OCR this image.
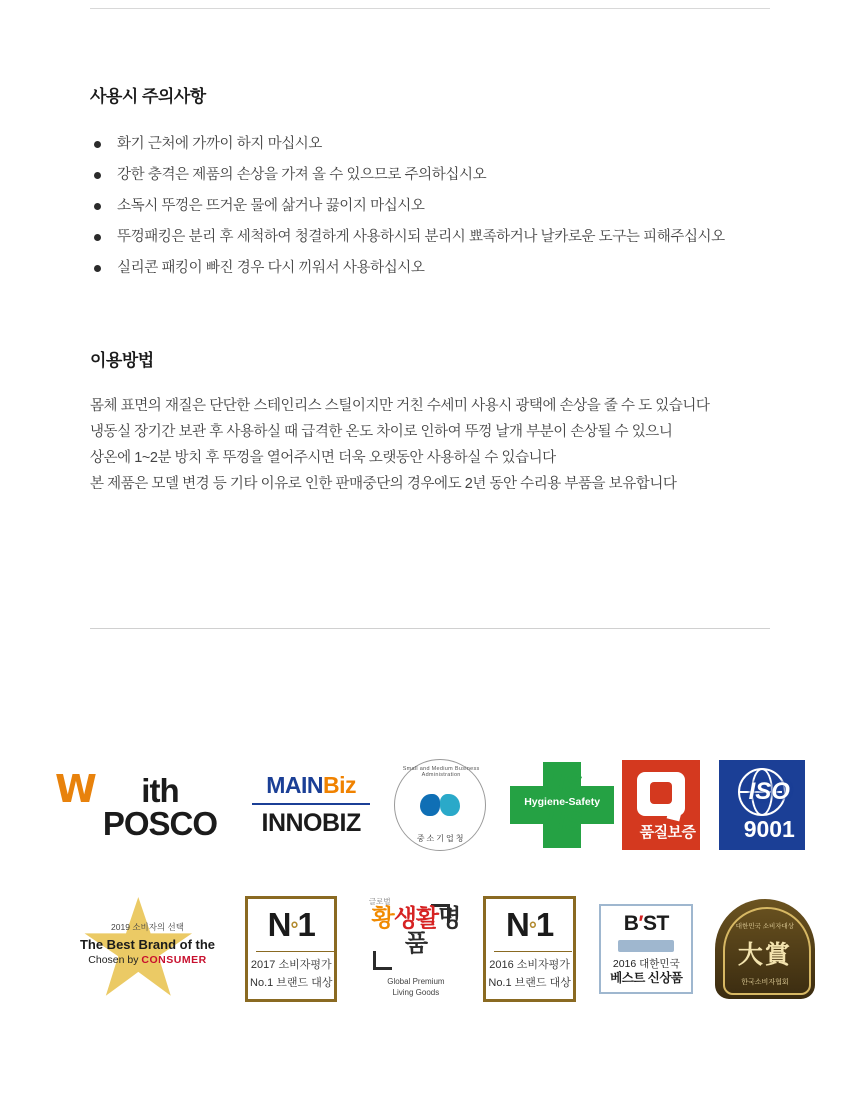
사용시 주의사항
화기 근처에 가까이 하지 마십시오
강한 충격은 제품의 손상을 가져 올 수 있으므로 주의하십시오
소독시 뚜껑은 뜨거운 물에 삶거나 끓이지 마십시오
뚜껑패킹은 분리 후 세척하여 청결하게 사용하시되 분리시 뾰족하거나 날카로운 도구는 피해주십시오
실리콘 패킹이 빠진 경우 다시 끼워서 사용하십시오
이용방법

몸체 표면의 재질은 단단한 스테인리스 스틸이지만 거친 수세미 사용시 광택에 손상을 줄 수 도 있습니다

냉동실 장기간 보관 후 사용하실 때 급격한 온도 차이로 인하여 뚜껑 날개 부분이 손상될 수 있으니

상온에 1~2분 방치 후 뚜껑을 열어주시면 더욱 오랫동안 사용하실 수 있습니다

본 제품은 모델 변경 등 기타 이유로 인한 판매중단의 경우에도 2년 동안 수리용 부품을 보유합니다

W	ith POSCO
MAINBiz
INNOBIZ
Small and Medium Business Administration
중소기업청
HS
HS
Hygiene-Safety
품질보증
ISO
9001
2019 소비자의 선택
The Best Brand of the
Chosen by CONSUMER
N°1
2017 소비자평가
No.1 브랜드 대상
글로벌
황생활명품
Global Premium
Living Goods
N°1
2016 소비자평가
No.1 브랜드 대상
B′ST
2016 대한민국
베스트 신상품
대한민국 소비자대상
大賞
한국소비자협회
